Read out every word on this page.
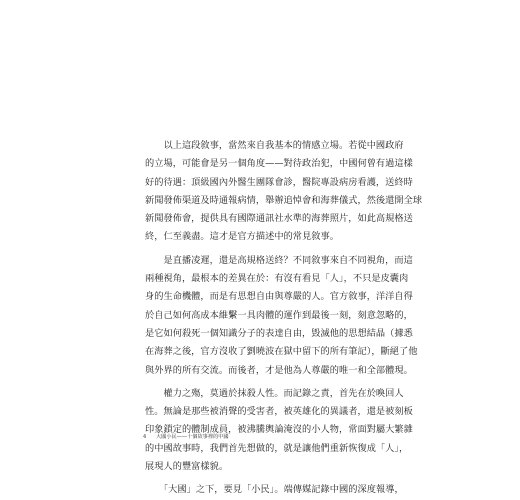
　　以上這段敘事，當然來自我基本的情感立場。若從中國政府
的立場，可能會是另一個角度——對待政治犯，中國何曾有過這樣
好的待遇：頂級國內外醫生團隊會診，醫院專設病房看護，送終時
新聞發佈渠道及時通報病情，舉辦追悼會和海葬儀式，然後還開全球
新聞發佈會，提供具有國際通訊社水準的海葬照片，如此高規格送
終，仁至義盡。這才是官方描述中的常見敘事。
　　是直播凌遲，還是高規格送終？不同敘事來自不同視角，而這
兩種視角，最根本的差異在於：有沒有看見「人」，不只是皮囊肉
身的生命機體，而是有思想自由與尊嚴的人。官方敘事，洋洋自得
於自己如何高成本維繫一具肉體的運作到最後一刻，刻意忽略的，
是它如何殺死一個知識分子的表達自由，毀滅他的思想結晶（據悉
在海葬之後，官方沒收了劉曉波在獄中留下的所有筆記），斷絕了他
與外界的所有交流。而後者，才是他為人尊嚴的唯一和全部體現。
　　權力之殤，莫過於抹殺人性。而記錄之責，首先在於喚回人
性。無論是那些被消聲的受害者，被英雄化的異議者，還是被刻板
印象鎖定的體制成員，被沸騰輿論淹沒的小人物，常面對屬大繁雜
的中國故事時，我們首先想做的，就是讓他們重新恢復成「人」，
展現人的豐富樣貌。
　　「大國」之下，要見「小民」。端傳媒記錄中國的深度報導，
4 大國小民——十個故事裡的中國
